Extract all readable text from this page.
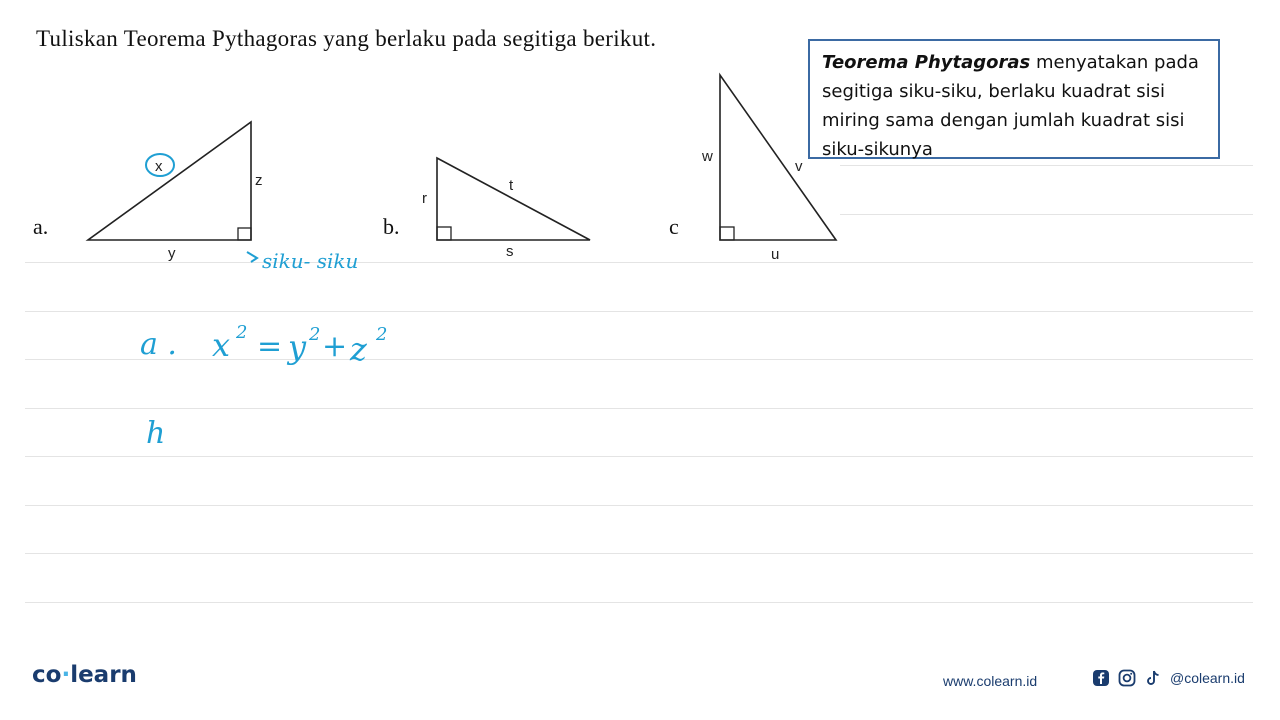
Tuliskan Teorema Pythagoras yang berlaku pada segitiga berikut.
Teorema Phytagoras menyatakan pada segitiga siku-siku, berlaku kuadrat sisi miring sama dengan jumlah kuadrat sisi siku-sikunya
a.
x
z
y	siku- siku
b.
r
t
s
c
w
v
u
a . x 2 = y 2 + z 2
h
co·learn	www.colearn.id	@colearn.id
